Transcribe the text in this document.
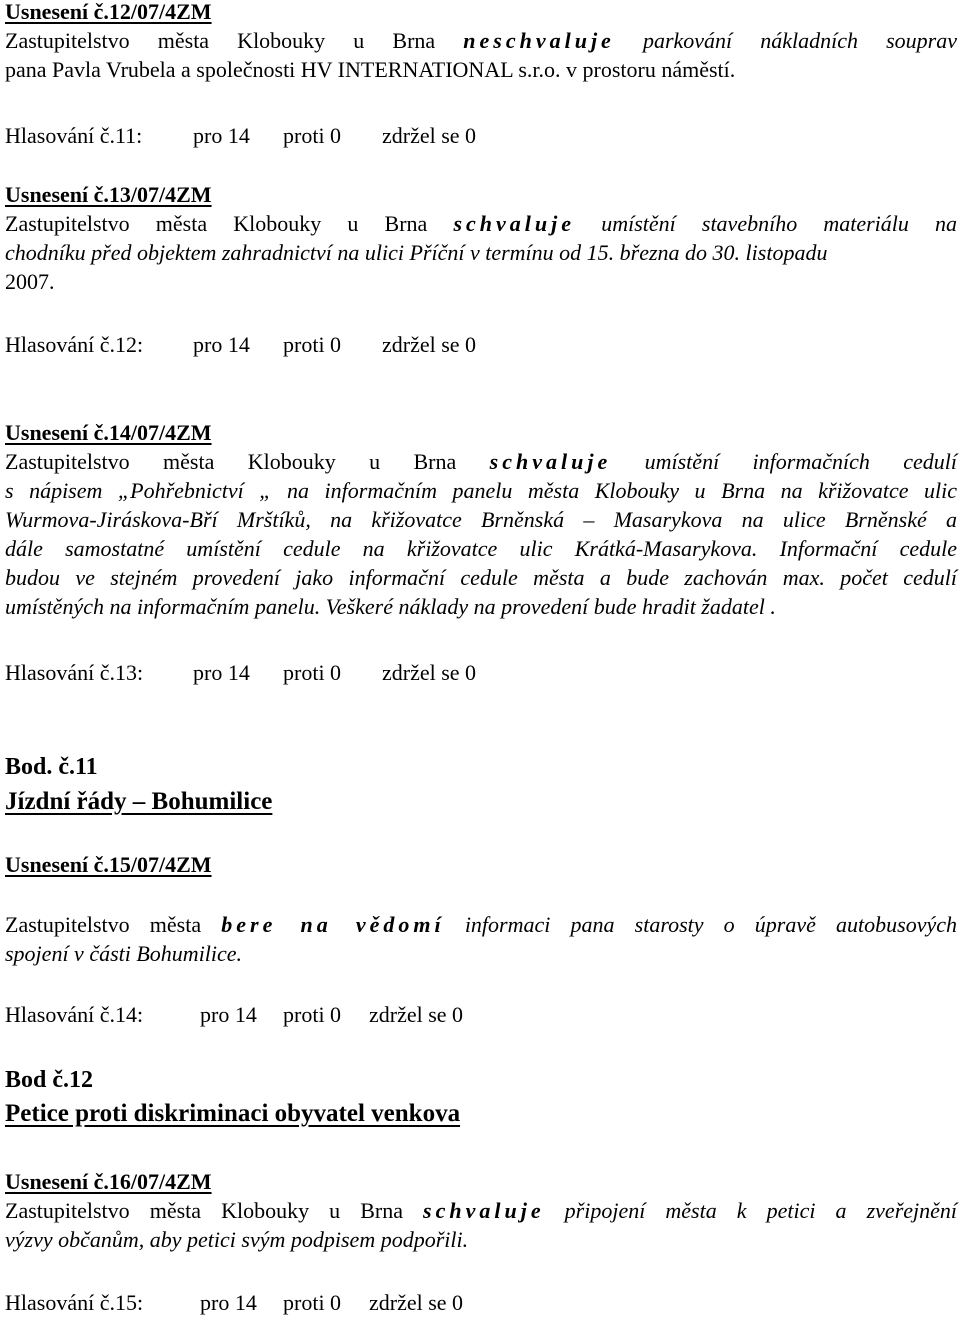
Usnesení č.12/07/4ZM
Zastupitelstvo města Klobouky u Brna neschvaluje parkování nákladních souprav
pana Pavla Vrubela a společnosti HV INTERNATIONAL s.r.o. v prostoru náměstí.
Hlasování č.11: pro 14 proti 0 zdržel se 0
Usnesení č.13/07/4ZM
Zastupitelstvo města Klobouky u Brna schvaluje umístění stavebního materiálu na
chodníku před objektem zahradnictví na ulici Příční v termínu od 15. března do 30. listopadu
2007.
Hlasování č.12: pro 14 proti 0 zdržel se 0
Usnesení č.14/07/4ZM
Zastupitelstvo města Klobouky u Brna schvaluje umístění informačních cedulí
s nápisem „Pohřebnictví „ na informačním panelu města Klobouky u Brna na křižovatce ulic
Wurmova-Jiráskova-Bří Mrštíků, na křižovatce Brněnská – Masarykova na ulice Brněnské a
dále samostatné umístění cedule na křižovatce ulic Krátká-Masarykova. Informační cedule
budou ve stejném provedení jako informační cedule města a bude zachován max. počet cedulí
umístěných na informačním panelu. Veškeré náklady na provedení bude hradit žadatel .
Hlasování č.13: pro 14 proti 0 zdržel se 0
Bod. č.11
Jízdní řády – Bohumilice
Usnesení č.15/07/4ZM
Zastupitelstvo města bere na vědomí informaci pana starosty o úpravě autobusových
spojení v části Bohumilice.
Hlasování č.14:	pro 14 proti 0 zdržel se 0
Bod č.12
Petice proti diskriminaci obyvatel venkova
Usnesení č.16/07/4ZM
Zastupitelstvo města Klobouky u Brna schvaluje připojení města k petici a zveřejnění
výzvy občanům, aby petici svým podpisem podpořili.
Hlasování č.15:	pro 14 proti 0 zdržel se 0
